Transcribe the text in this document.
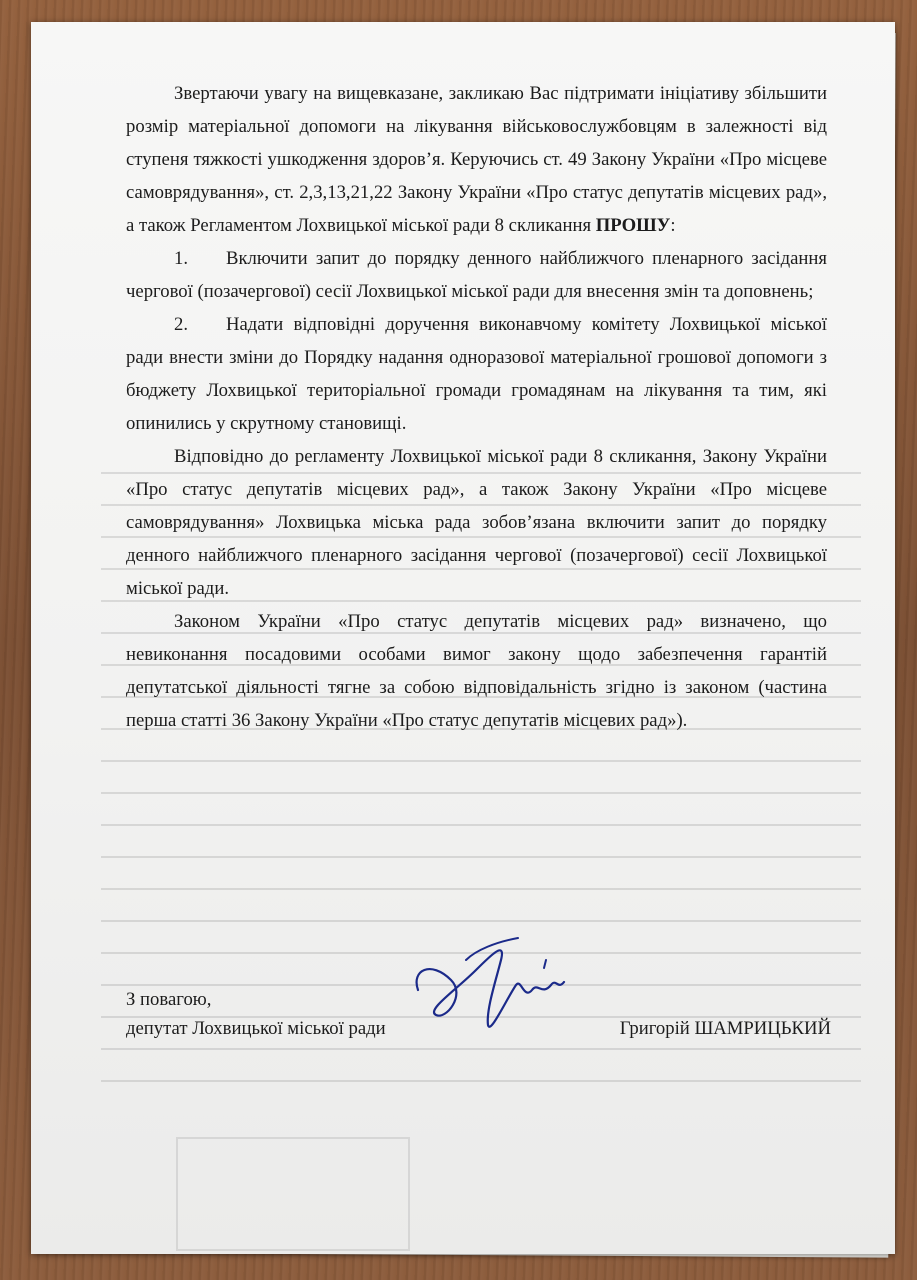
Звертаючи увагу на вищевказане, закликаю Вас підтримати ініціативу збільшити розмір матеріальної допомоги на лікування військовослужбовцям в залежності від ступеня тяжкості ушкодження здоров’я. Керуючись ст. 49 Закону України «Про місцеве самоврядування», ст. 2,3,13,21,22 Закону України «Про статус депутатів місцевих рад», а також Регламентом Лохвицької міської ради 8 скликання ПРОШУ:

1. Включити запит до порядку денного найближчого пленарного засідання чергової (позачергової) сесії Лохвицької міської ради для внесення змін та доповнень;

2. Надати відповідні доручення виконавчому комітету Лохвицької міської ради внести зміни до Порядку надання одноразової матеріальної грошової допомоги з бюджету Лохвицької територіальної громади громадянам на лікування та тим, які опинились у скрутному становищі.

Відповідно до регламенту Лохвицької міської ради 8 скликання, Закону України «Про статус депутатів місцевих рад», а також Закону України «Про місцеве самоврядування» Лохвицька міська рада зобов’язана включити запит до порядку денного найближчого пленарного засідання чергової (позачергової) сесії Лохвицької міської ради.

Законом України «Про статус депутатів місцевих рад» визначено, що невиконання посадовими особами вимог закону щодо забезпечення гарантій депутатської діяльності тягне за собою відповідальність згідно із законом (частина перша статті 36 Закону України «Про статус депутатів місцевих рад»).

З повагою,
депутат Лохвицької міської ради	Григорій ШАМРИЦЬКИЙ
